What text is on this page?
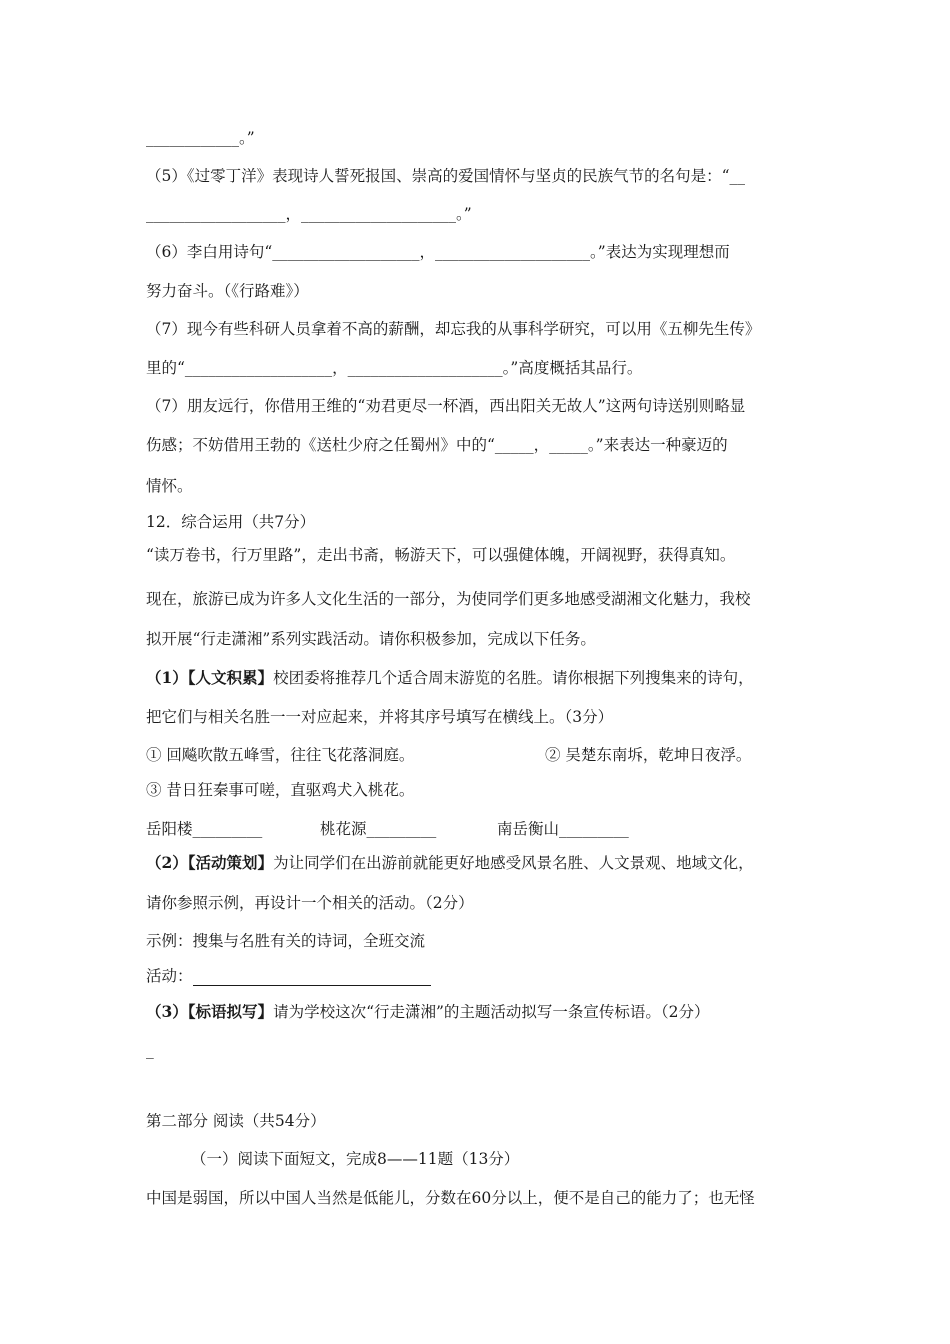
____________。”
（5）《过零丁洋》表现诗人誓死报国、崇高的爱国情怀与坚贞的民族气节的名句是：“__
__________________，____________________。”
（6）李白用诗句“___________________，____________________。”表达为实现理想而
努力奋斗。（《行路难》）
（7）现今有些科研人员拿着不高的薪酬，却忘我的从事科学研究，可以用《五柳先生传》
里的“___________________，____________________。”高度概括其品行。
（7）朋友远行，你借用王维的“劝君更尽一杯酒，西出阳关无故人”这两句诗送别则略显
伤感；不妨借用王勃的《送杜少府之任蜀州》中的“_____，_____。”来表达一种豪迈的
情怀。
12．综合运用（共7分）
“读万卷书，行万里路”，走出书斋，畅游天下，可以强健体魄，开阔视野，获得真知。
现在，旅游已成为许多人文化生活的一部分，为使同学们更多地感受湖湘文化魅力，我校
拟开展“行走潇湘”系列实践活动。请你积极参加，完成以下任务。
（1）【人文积累】校团委将推荐几个适合周末游览的名胜。请你根据下列搜集来的诗句，
把它们与相关名胜一一对应起来，并将其序号填写在横线上。（3分）
① 回飚吹散五峰雪，往往飞花落洞庭。	② 吴楚东南坼，乾坤日夜浮。
③ 昔日狂秦事可嗟，直驱鸡犬入桃花。
岳阳楼_________	桃花源_________	南岳衡山_________
（2）【活动策划】为让同学们在出游前就能更好地感受风景名胜、人文景观、地域文化，
请你参照示例，再设计一个相关的活动。（2分）
示例：搜集与名胜有关的诗词，全班交流
活动：
（3）【标语拟写】请为学校这次“行走潇湘”的主题活动拟写一条宣传标语。（2分）
_
第二部分 阅读（共54分）
（一）阅读下面短文，完成8——11题（13分）
中国是弱国，所以中国人当然是低能儿，分数在60分以上，便不是自己的能力了；也无怪
